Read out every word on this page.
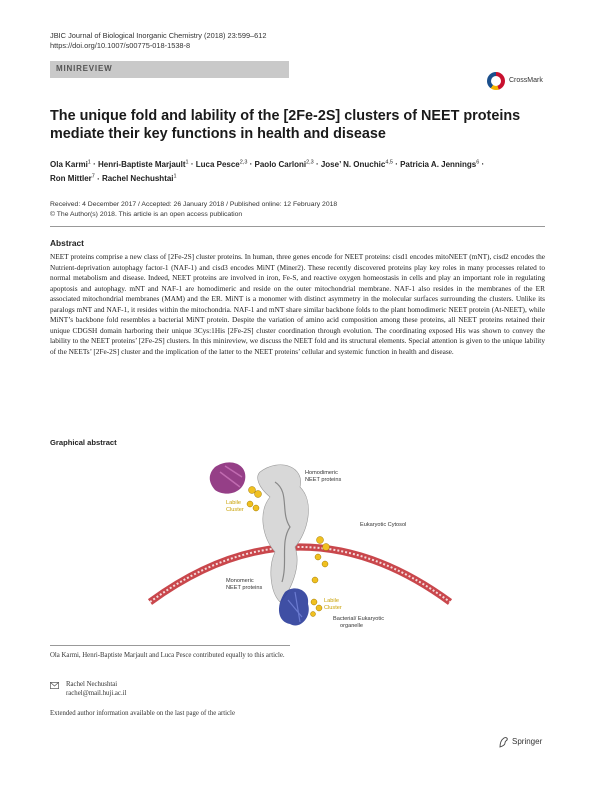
JBIC Journal of Biological Inorganic Chemistry (2018) 23:599–612
https://doi.org/10.1007/s00775-018-1538-8
MINIREVIEW
CrossMark
The unique fold and lability of the [2Fe-2S] clusters of NEET proteins
mediate their key functions in health and disease
Ola Karmi$^1$ · Henri-Baptiste Marjault$^1$ · Luca Pesce$^{2,3}$ · Paolo Carloni$^{2,3}$ · Jose’ N. Onuchic$^{4,5}$ · Patricia A. Jennings$^6$ ·
Ron Mittler$^7$ · Rachel Nechushtai$^1$
Received: 4 December 2017 / Accepted: 26 January 2018 / Published online: 12 February 2018
© The Author(s) 2018. This article is an open access publication
Abstract
NEET proteins comprise a new class of [2Fe-2S] cluster proteins. In human, three genes encode for NEET proteins: cisd1 encodes mitoNEET (mNT), cisd2 encodes the Nutrient-deprivation autophagy factor-1 (NAF-1) and cisd3 encodes MiNT (Miner2). These recently discovered proteins play key roles in many processes related to normal metabolism and disease. Indeed, NEET proteins are involved in iron, Fe-S, and reactive oxygen homeostasis in cells and play an important role in regulating apoptosis and autophagy. mNT and NAF-1 are homodimeric and reside on the outer mitochondrial membrane. NAF-1 also resides in the membranes of the ER associated mitochondrial membranes (MAM) and the ER. MiNT is a monomer with distinct asymmetry in the molecular surfaces surrounding the clusters. Unlike its paralogs mNT and NAF-1, it resides within the mitochondria. NAF-1 and mNT share similar backbone folds to the plant homodimeric NEET protein (At-NEET), while MiNT’s backbone fold resembles a bacterial MiNT protein. Despite the variation of amino acid composition among these proteins, all NEET proteins retained their unique CDGSH domain harboring their unique 3Cys:1His [2Fe-2S] cluster coordination through evolution. The coordinating exposed His was shown to convey the lability to the NEET proteins’ [2Fe-2S] clusters. In this minireview, we discuss the NEET fold and its structural elements. Special attention is given to the unique lability of the NEETs’ [2Fe-2S] cluster and the implication of the latter to the NEET proteins’ cellular and systemic function in health and disease.
Graphical abstract
Homodimeric
NEET proteins
Labile
Cluster
Eukaryotic Cytosol
Monomeric
NEET proteins
Labile
Cluster
Bacterial/ Eukaryotic
organelle
Ola Karmi, Henri-Baptiste Marjault and Luca Pesce contributed equally to this article.
Rachel Nechushtai
rachel@mail.huji.ac.il
Extended author information available on the last page of the article
Springer
